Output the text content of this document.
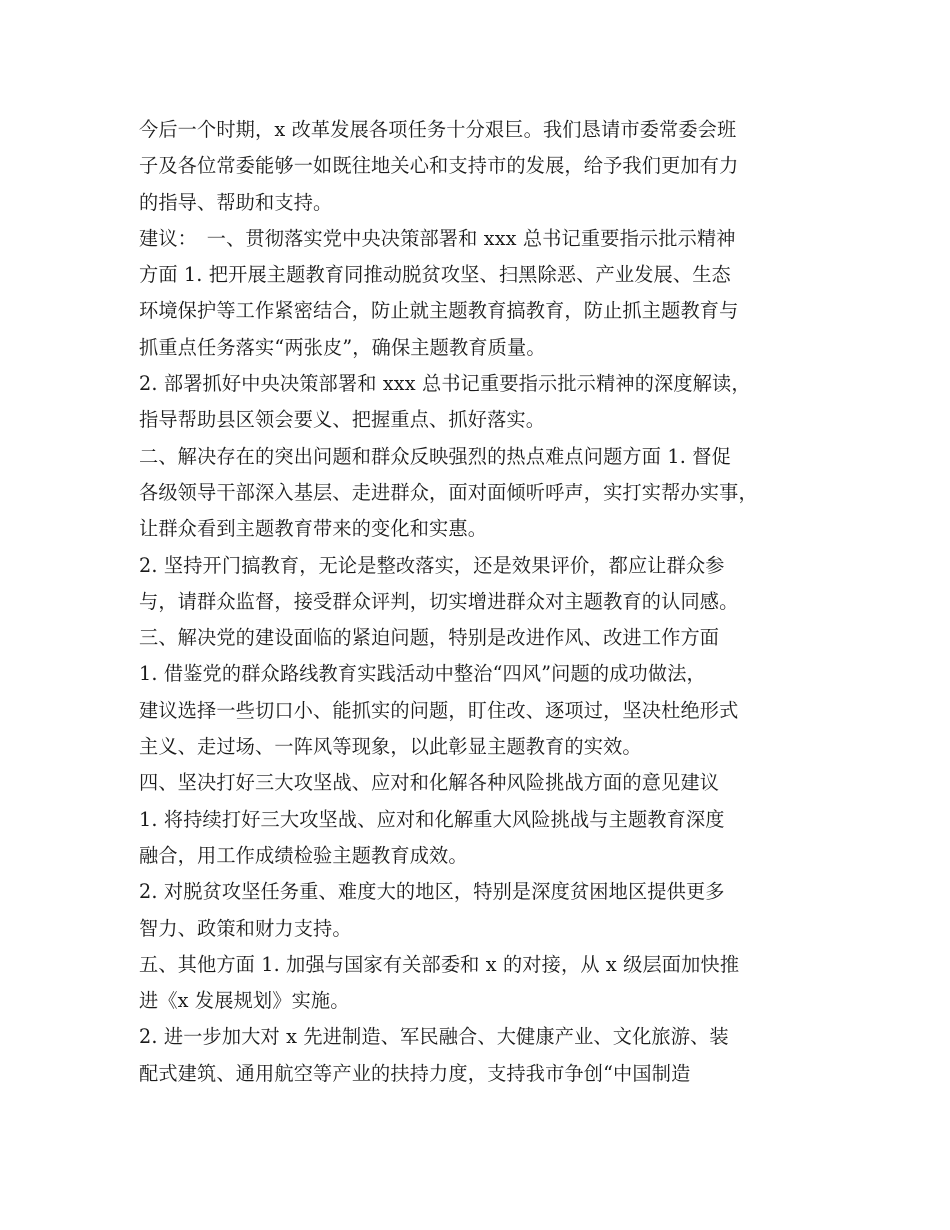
今后一个时期，x 改革发展各项任务十分艰巨。我们恳请市委常委会班
子及各位常委能够一如既往地关心和支持市的发展，给予我们更加有力
的指导、帮助和支持。
建议：　一、贯彻落实党中央决策部署和 xxx 总书记重要指示批示精神
方面 1. 把开展主题教育同推动脱贫攻坚、扫黑除恶、产业发展、生态
环境保护等工作紧密结合，防止就主题教育搞教育，防止抓主题教育与
抓重点任务落实“两张皮”，确保主题教育质量。
2. 部署抓好中央决策部署和 xxx 总书记重要指示批示精神的深度解读，
指导帮助县区领会要义、把握重点、抓好落实。
二、解决存在的突出问题和群众反映强烈的热点难点问题方面 1. 督促
各级领导干部深入基层、走进群众，面对面倾听呼声，实打实帮办实事，
让群众看到主题教育带来的变化和实惠。
2. 坚持开门搞教育，无论是整改落实，还是效果评价，都应让群众参
与，请群众监督，接受群众评判，切实增进群众对主题教育的认同感。
三、解决党的建设面临的紧迫问题，特别是改进作风、改进工作方面
1. 借鉴党的群众路线教育实践活动中整治“四风”问题的成功做法，
建议选择一些切口小、能抓实的问题，盯住改、逐项过，坚决杜绝形式
主义、走过场、一阵风等现象，以此彰显主题教育的实效。
四、坚决打好三大攻坚战、应对和化解各种风险挑战方面的意见建议
1. 将持续打好三大攻坚战、应对和化解重大风险挑战与主题教育深度
融合，用工作成绩检验主题教育成效。
2. 对脱贫攻坚任务重、难度大的地区，特别是深度贫困地区提供更多
智力、政策和财力支持。
五、其他方面 1. 加强与国家有关部委和 x 的对接，从 x 级层面加快推
进《x 发展规划》实施。
2. 进一步加大对 x 先进制造、军民融合、大健康产业、文化旅游、装
配式建筑、通用航空等产业的扶持力度，支持我市争创“中国制造
